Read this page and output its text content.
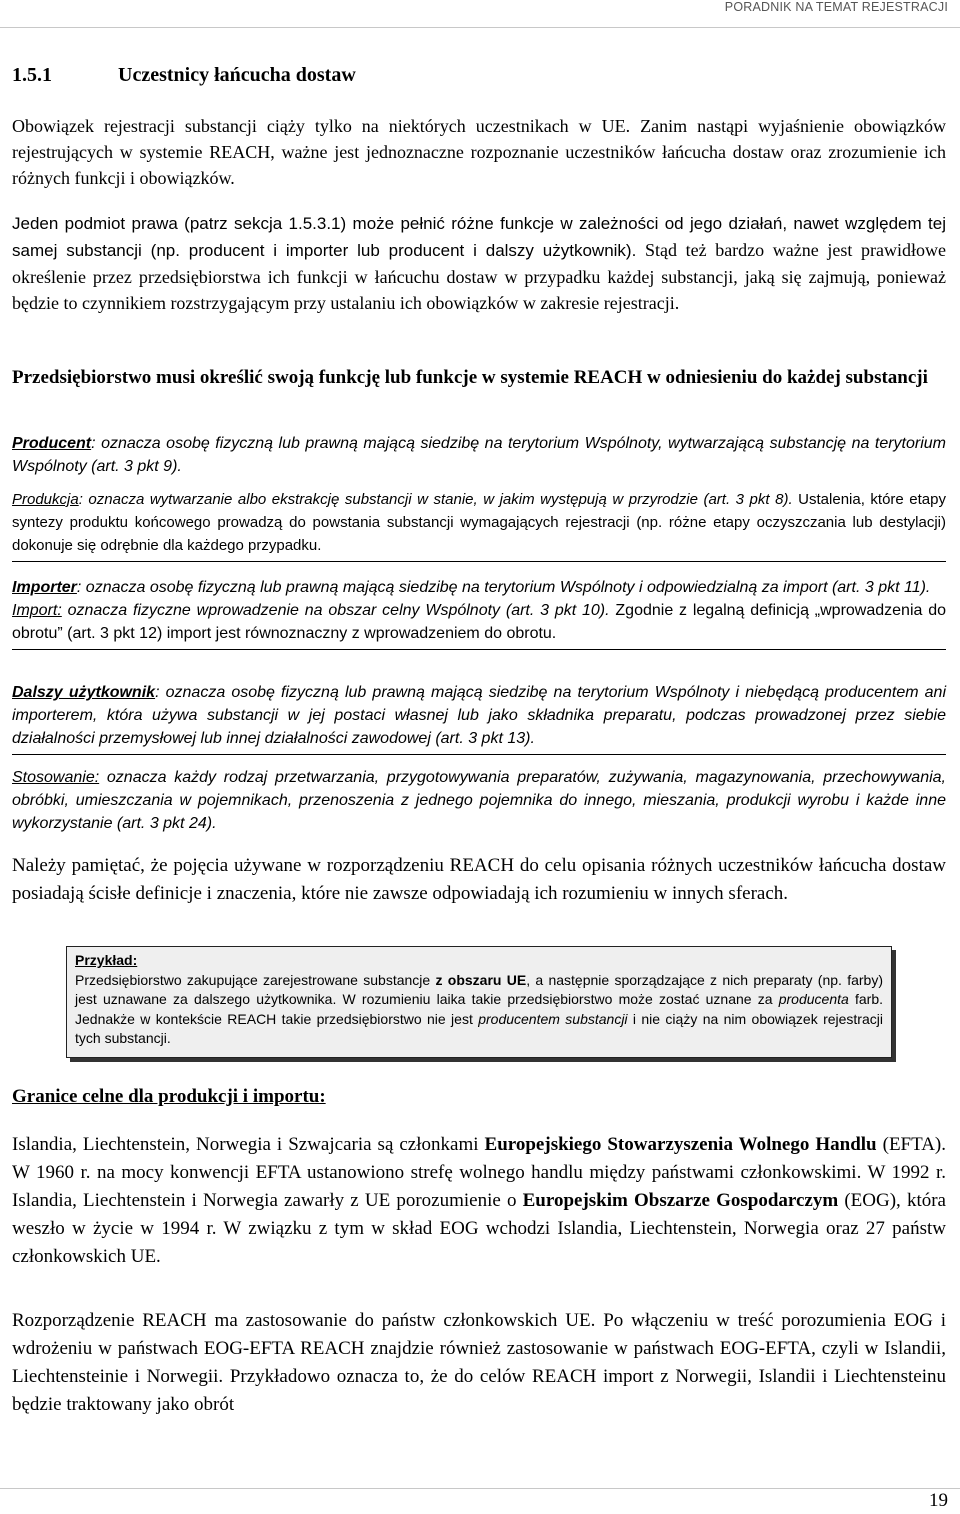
PORADNIK NA TEMAT REJESTRACJI
1.5.1	Uczestnicy łańcucha dostaw
Obowiązek rejestracji substancji ciąży tylko na niektórych uczestnikach w UE. Zanim nastąpi wyjaśnienie obowiązków rejestrujących w systemie REACH, ważne jest jednoznaczne rozpoznanie uczestników łańcucha dostaw oraz zrozumienie ich różnych funkcji i obowiązków.
Jeden podmiot prawa (patrz sekcja 1.5.3.1) może pełnić różne funkcje w zależności od jego działań, nawet względem tej samej substancji (np. producent i importer lub producent i dalszy użytkownik). Stąd też bardzo ważne jest prawidłowe określenie przez przedsiębiorstwa ich funkcji w łańcuchu dostaw w przypadku każdej substancji, jaką się zajmują, ponieważ będzie to czynnikiem rozstrzygającym przy ustalaniu ich obowiązków w zakresie rejestracji.
Przedsiębiorstwo musi określić swoją funkcję lub funkcje w systemie REACH w odniesieniu do każdej substancji
Producent: oznacza osobę fizyczną lub prawną mającą siedzibę na terytorium Wspólnoty, wytwarzającą substancję na terytorium Wspólnoty (art. 3 pkt 9).
Produkcja: oznacza wytwarzanie albo ekstrakcję substancji w stanie, w jakim występują w przyrodzie (art. 3 pkt 8). Ustalenia, które etapy syntezy produktu końcowego prowadzą do powstania substancji wymagających rejestracji (np. różne etapy oczyszczania lub destylacji) dokonuje się odrębnie dla każdego przypadku.
Importer: oznacza osobę fizyczną lub prawną mającą siedzibę na terytorium Wspólnoty i odpowiedzialną za import (art. 3 pkt 11).
Import: oznacza fizyczne wprowadzenie na obszar celny Wspólnoty (art. 3 pkt 10). Zgodnie z legalną definicją „wprowadzenia do obrotu” (art. 3 pkt 12) import jest równoznaczny z wprowadzeniem do obrotu.
Dalszy użytkownik: oznacza osobę fizyczną lub prawną mającą siedzibę na terytorium Wspólnoty i niebędącą producentem ani importerem, która używa substancji w jej postaci własnej lub jako składnika preparatu, podczas prowadzonej przez siebie działalności przemysłowej lub innej działalności zawodowej (art. 3 pkt 13).
Stosowanie: oznacza każdy rodzaj przetwarzania, przygotowywania preparatów, zużywania, magazynowania, przechowywania, obróbki, umieszczania w pojemnikach, przenoszenia z jednego pojemnika do innego, mieszania, produkcji wyrobu i każde inne wykorzystanie (art. 3 pkt 24).
Należy pamiętać, że pojęcia używane w rozporządzeniu REACH do celu opisania różnych uczestników łańcucha dostaw posiadają ścisłe definicje i znaczenia, które nie zawsze odpowiadają ich rozumieniu w innych sferach.
Przykład:
Przedsiębiorstwo zakupujące zarejestrowane substancje z obszaru UE, a następnie sporządzające z nich preparaty (np. farby) jest uznawane za dalszego użytkownika. W rozumieniu laika takie przedsiębiorstwo może zostać uznane za producenta farb. Jednakże w kontekście REACH takie przedsiębiorstwo nie jest producentem substancji i nie ciąży na nim obowiązek rejestracji tych substancji.
Granice celne dla produkcji i importu:
Islandia, Liechtenstein, Norwegia i Szwajcaria są członkami Europejskiego Stowarzyszenia Wolnego Handlu (EFTA). W 1960 r. na mocy konwencji EFTA ustanowiono strefę wolnego handlu między państwami członkowskimi. W 1992 r. Islandia, Liechtenstein i Norwegia zawarły z UE porozumienie o Europejskim Obszarze Gospodarczym (EOG), która weszło w życie w 1994 r. W związku z tym w skład EOG wchodzi Islandia, Liechtenstein, Norwegia oraz 27 państw członkowskich UE.
Rozporządzenie REACH ma zastosowanie do państw członkowskich UE. Po włączeniu w treść porozumienia EOG i wdrożeniu w państwach EOG-EFTA REACH znajdzie również zastosowanie w państwach EOG-EFTA, czyli w Islandii, Liechtensteinie i Norwegii. Przykładowo oznacza to, że do celów REACH import z Norwegii, Islandii i Liechtensteinu będzie traktowany jako obrót
19
